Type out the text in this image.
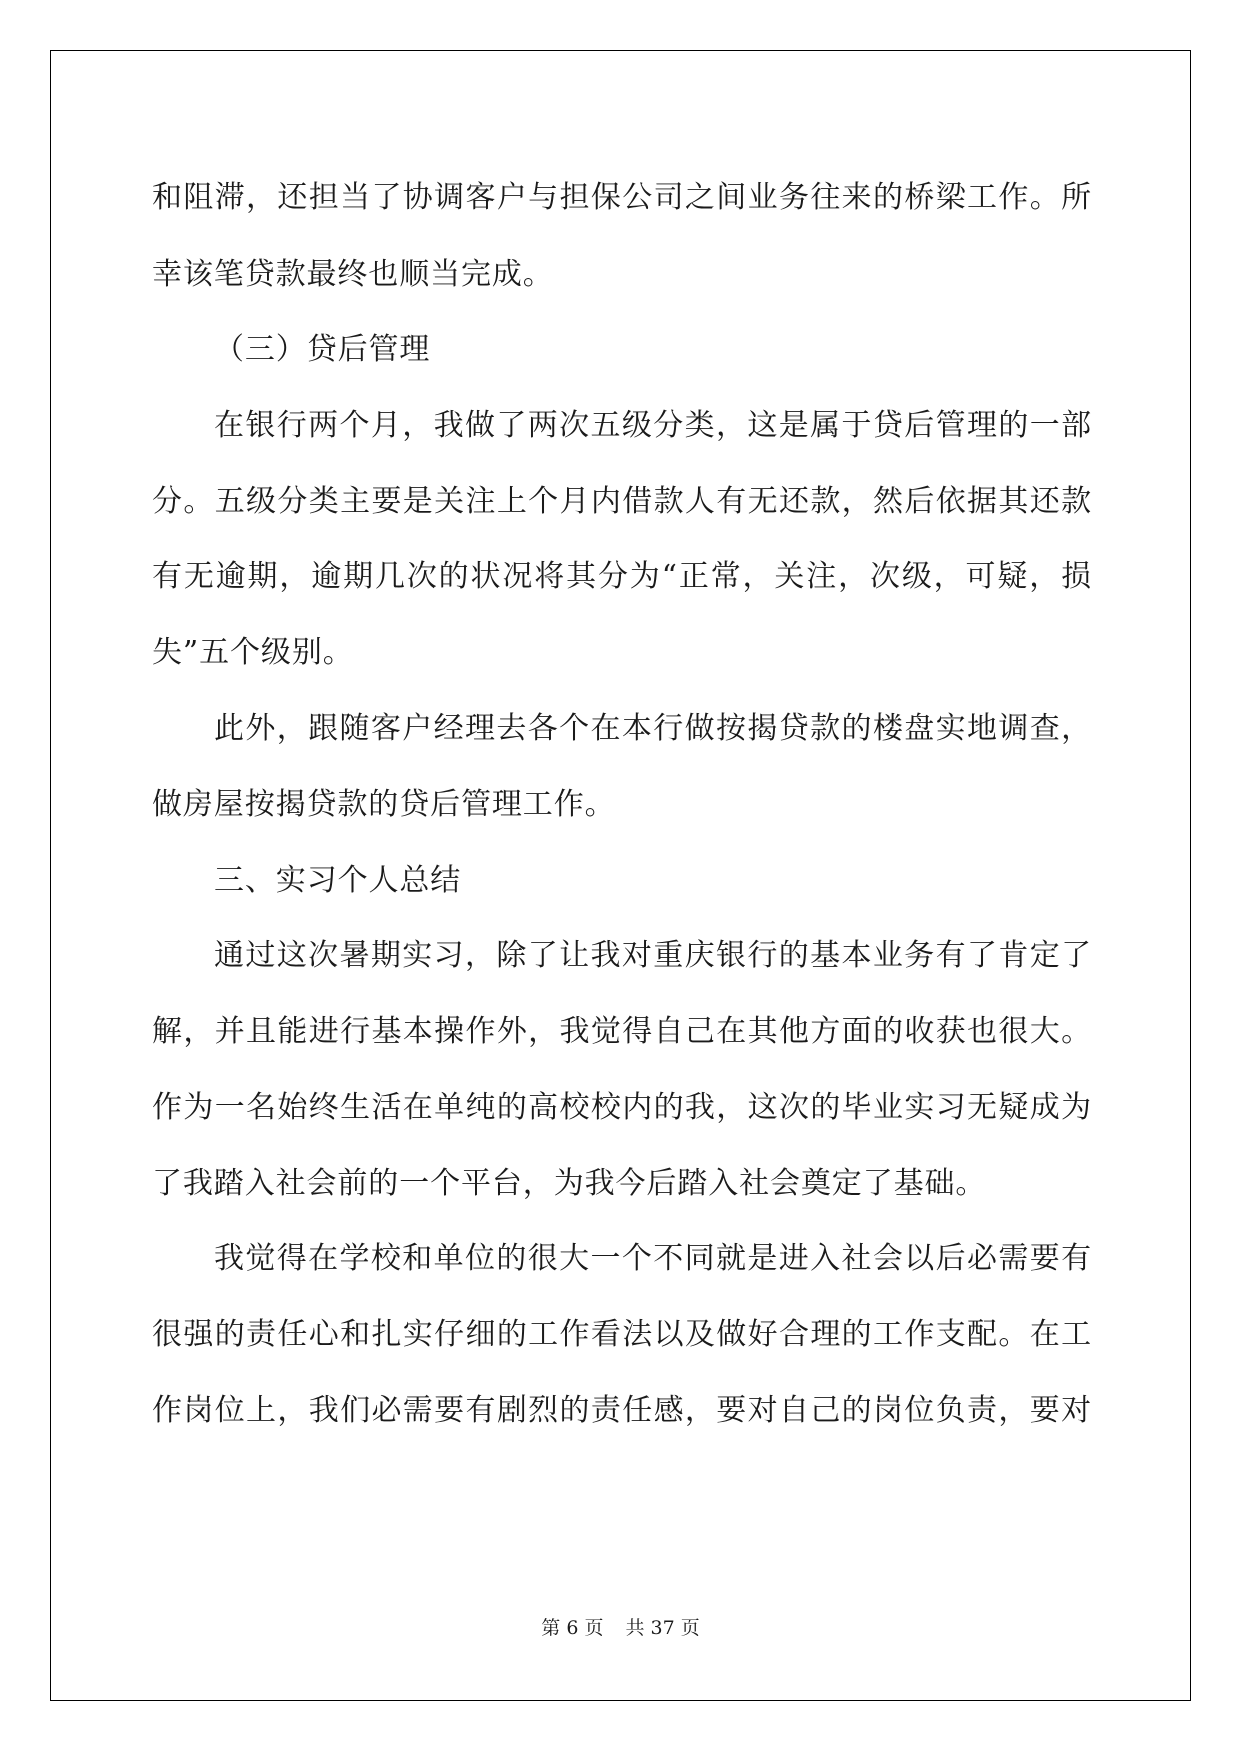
和阻滞，还担当了协调客户与担保公司之间业务往来的桥梁工作。所
幸该笔贷款最终也顺当完成。
（三）贷后管理
在银行两个月，我做了两次五级分类，这是属于贷后管理的一部
分。五级分类主要是关注上个月内借款人有无还款，然后依据其还款
有无逾期，逾期几次的状况将其分为“正常，关注，次级，可疑，损
失”五个级别。
此外，跟随客户经理去各个在本行做按揭贷款的楼盘实地调查，
做房屋按揭贷款的贷后管理工作。
三、实习个人总结
通过这次暑期实习，除了让我对重庆银行的基本业务有了肯定了
解，并且能进行基本操作外，我觉得自己在其他方面的收获也很大。
作为一名始终生活在单纯的高校校内的我，这次的毕业实习无疑成为
了我踏入社会前的一个平台，为我今后踏入社会奠定了基础。
我觉得在学校和单位的很大一个不同就是进入社会以后必需要有
很强的责任心和扎实仔细的工作看法以及做好合理的工作支配。在工
作岗位上，我们必需要有剧烈的责任感，要对自己的岗位负责，要对
第 6 页 共 37 页
